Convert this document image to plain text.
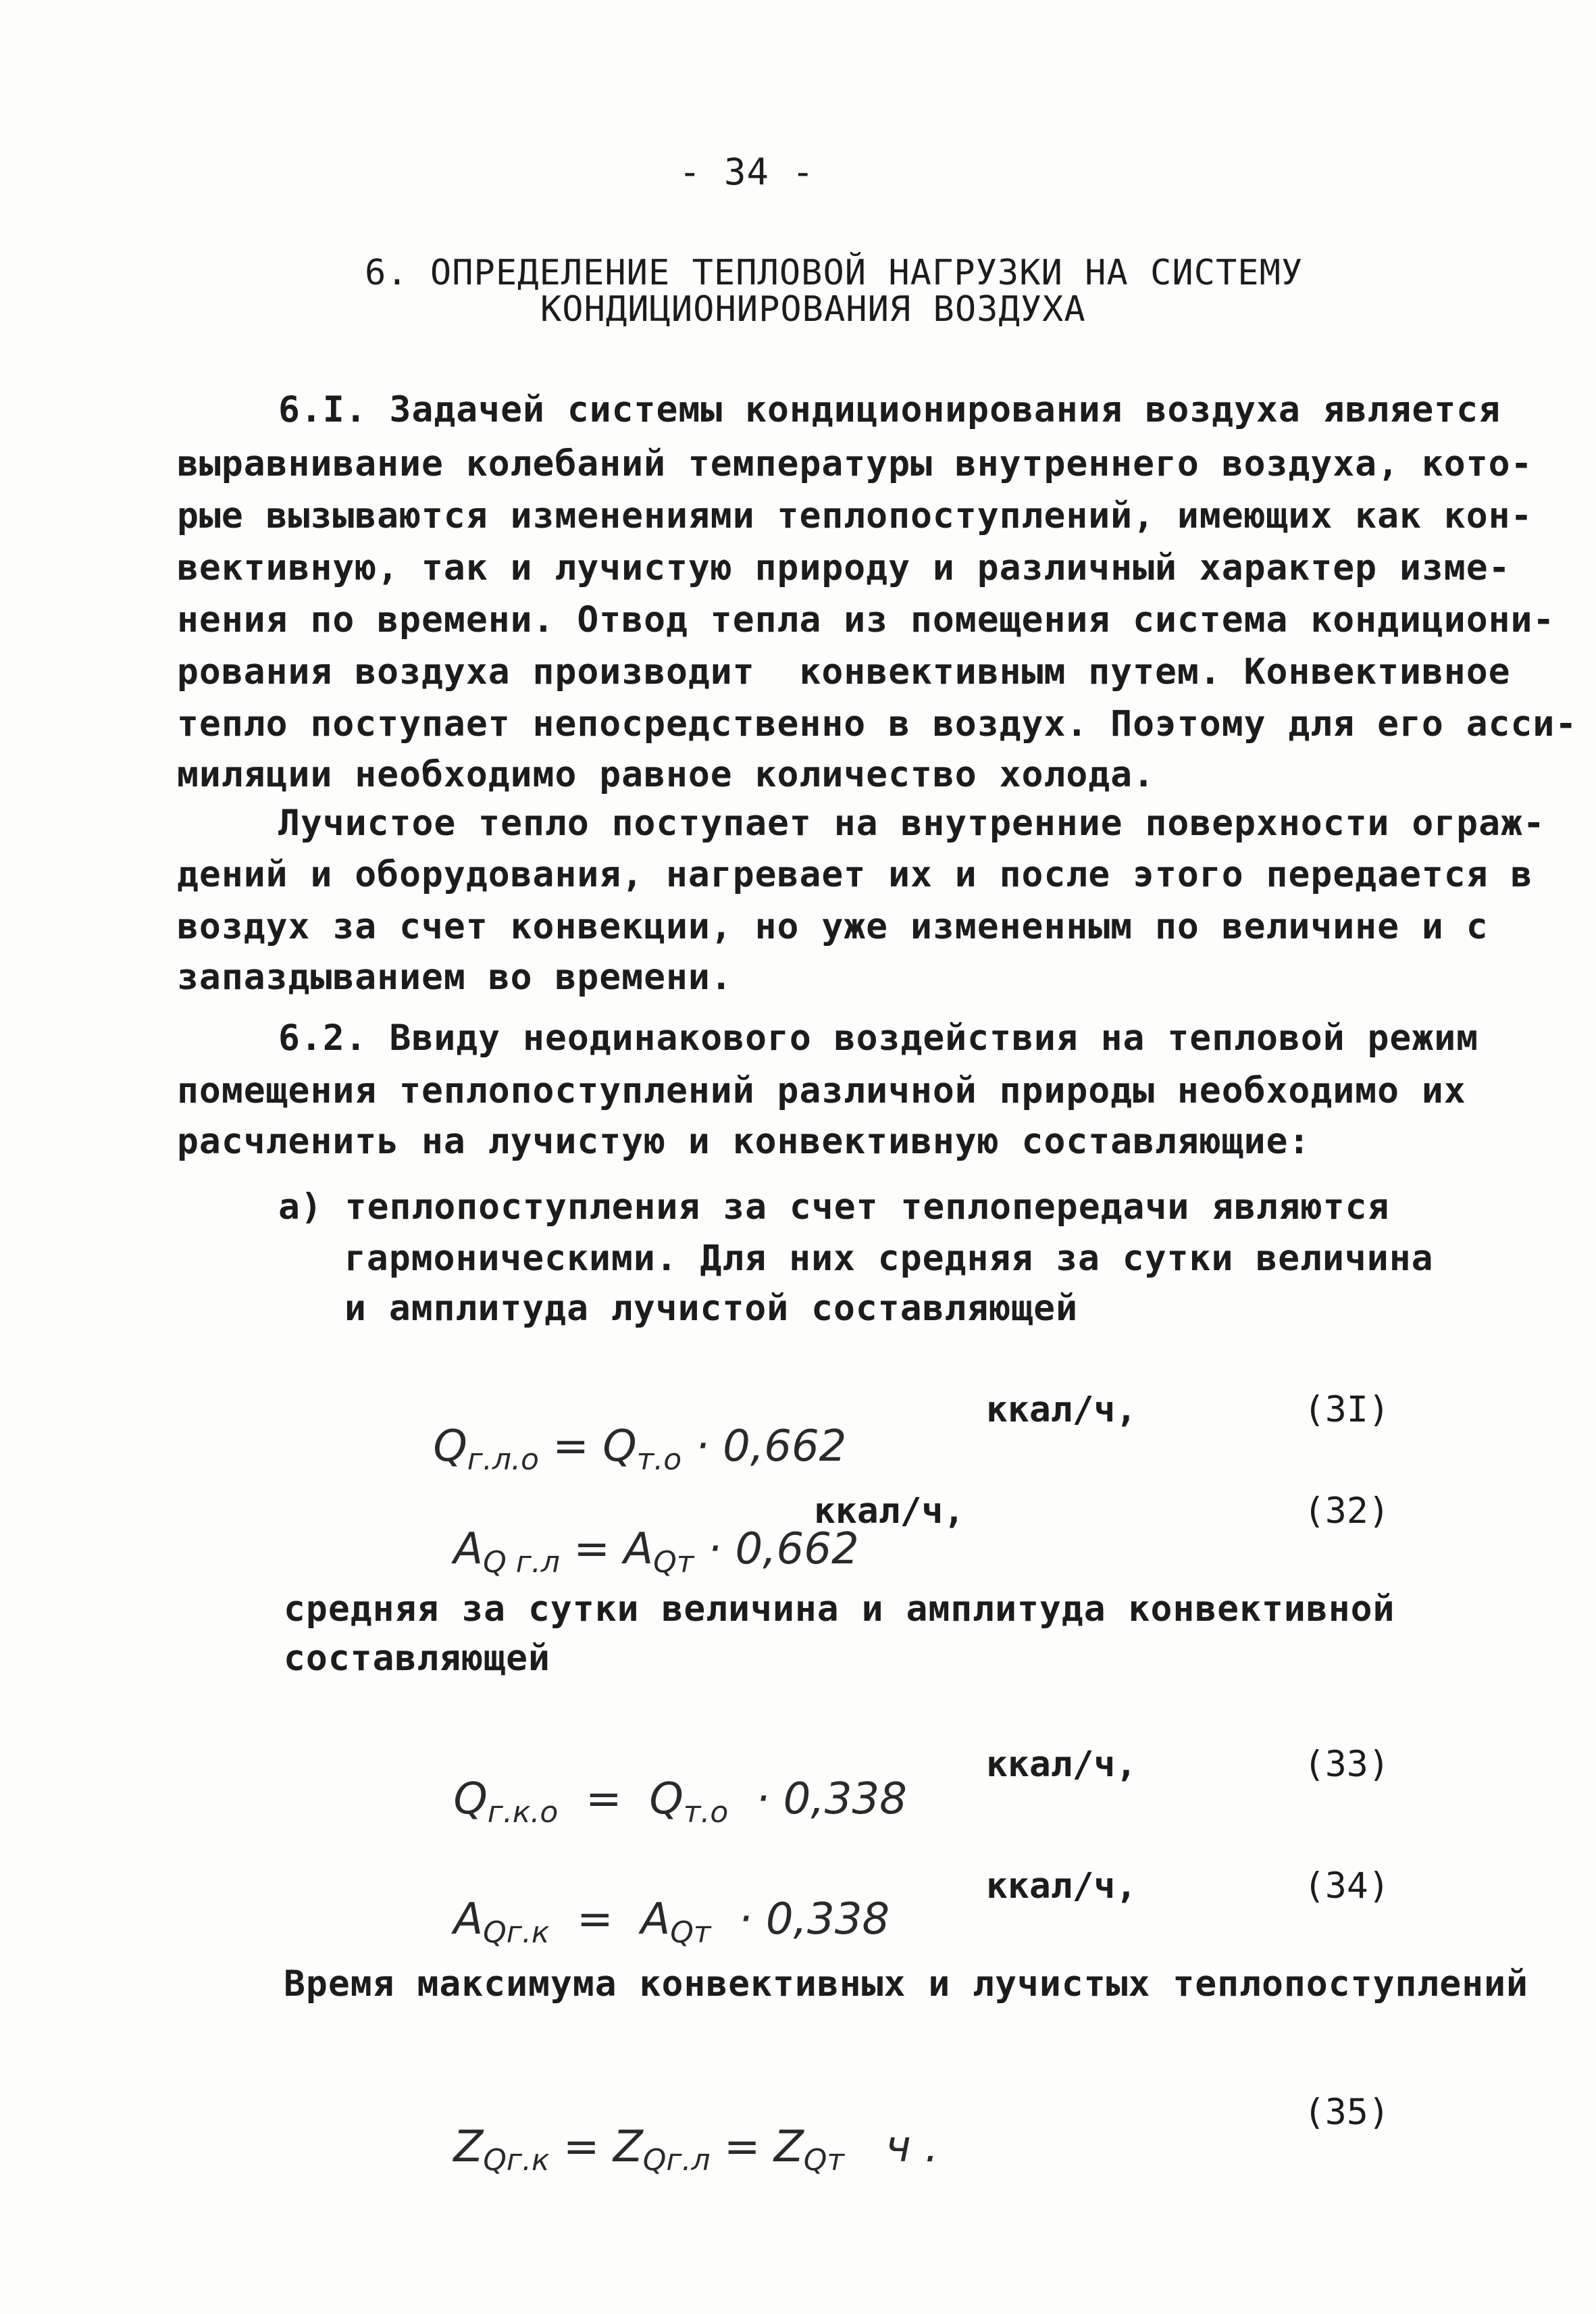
- 34 -
6. ОПРЕДЕЛЕНИЕ ТЕПЛОВОЙ НАГРУЗКИ НА СИСТЕМУ
КОНДИЦИОНИРОВАНИЯ ВОЗДУХА
6.I. Задачей системы кондиционирования воздуха является
выравнивание колебаний температуры внутреннего воздуха, кото-
рые вызываются изменениями теплопоступлений, имеющих как кон-
вективную, так и лучистую природу и различный характер изме-
нения по времени. Отвод тепла из помещения система кондициони-
рования воздуха производит  конвективным путем. Конвективное
тепло поступает непосредственно в воздух. Поэтому для его асси-
миляции необходимо равное количество холода.
Лучистое тепло поступает на внутренние поверхности ограж-
дений и оборудования, нагревает их и после этого передается в
воздух за счет конвекции, но уже измененным по величине и с
запаздыванием во времени.
6.2. Ввиду неодинакового воздействия на тепловой режим
помещения теплопоступлений различной природы необходимо их
расчленить на лучистую и конвективную составляющие:
а) теплопоступления за счет теплопередачи являются
гармоническими. Для них средняя за сутки величина
и амплитуда лучистой составляющей

$Q_{г.л.о} = Q_{т.о} \cdot 0,662$

ккал/ч,	(3I)

$A_{Q г.л} = A_{Qт} \cdot 0,662$

ккал/ч,	(32)
средняя за сутки величина и амплитуда конвективной
составляющей

$Q_{г.к.о} = Q_{т.о} \cdot 0,338$

ккал/ч,	(33)

$A_{Qг.к} = A_{Qт} \cdot 0,338$

ккал/ч,	(34)
Время максимума конвективных и лучистых теплопоступлений

$Z_{Qг.к} = Z_{Qг.л} = Z_{Qт}$ ч .

(35)
